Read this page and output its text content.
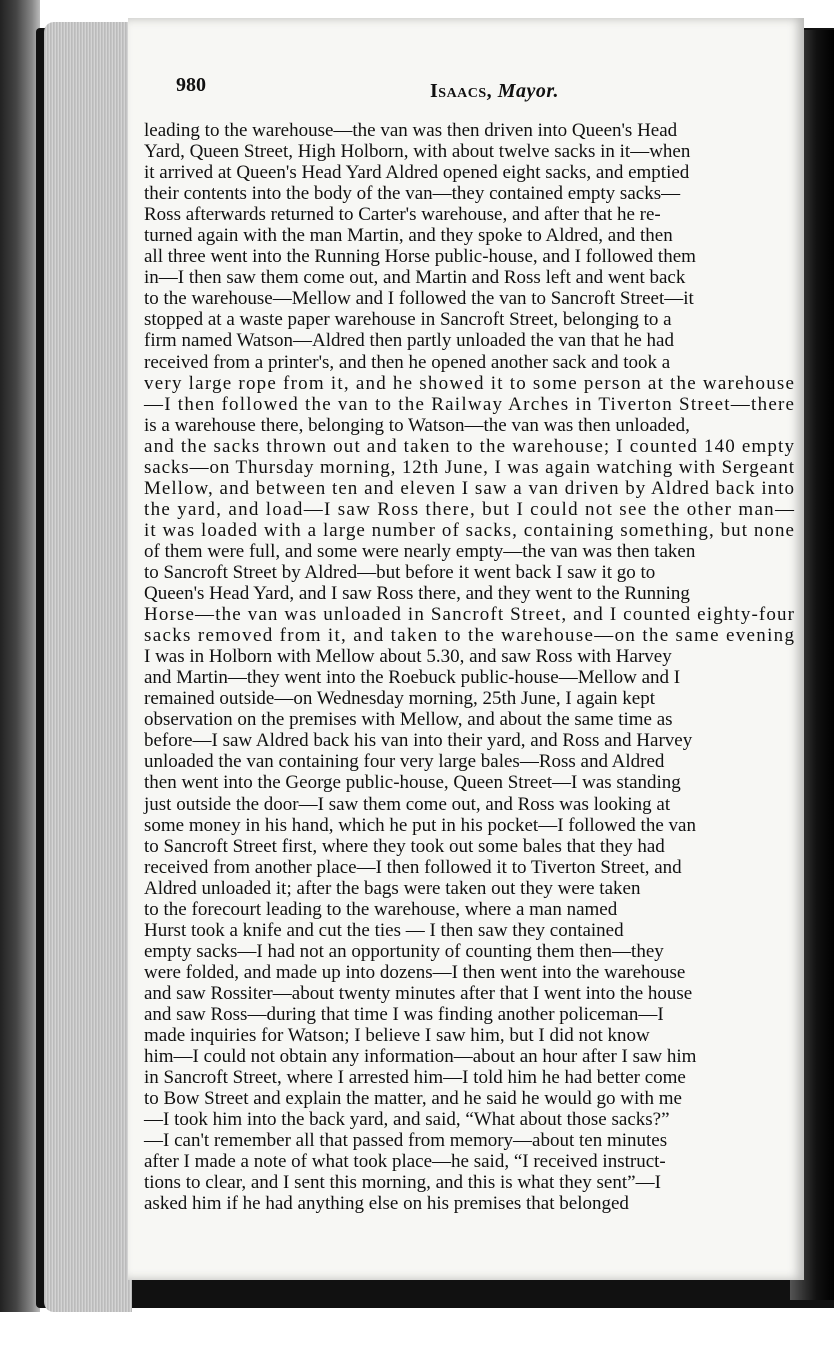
980	Isaacs, Mayor.
leading to the warehouse—the van was then driven into Queen's Head
Yard, Queen Street, High Holborn, with about twelve sacks in it—when
it arrived at Queen's Head Yard Aldred opened eight sacks, and emptied
their contents into the body of the van—they contained empty sacks—
Ross afterwards returned to Carter's warehouse, and after that he re-
turned again with the man Martin, and they spoke to Aldred, and then
all three went into the Running Horse public-house, and I followed them
in—I then saw them come out, and Martin and Ross left and went back
to the warehouse—Mellow and I followed the van to Sancroft Street—it
stopped at a waste paper warehouse in Sancroft Street, belonging to a
firm named Watson—Aldred then partly unloaded the van that he had
received from a printer's, and then he opened another sack and took a
very large rope from it, and he showed it to some person at the warehouse
—I then followed the van to the Railway Arches in Tiverton Street—there
is a warehouse there, belonging to Watson—the van was then unloaded,
and the sacks thrown out and taken to the warehouse; I counted 140 empty
sacks—on Thursday morning, 12th June, I was again watching with Sergeant
Mellow, and between ten and eleven I saw a van driven by Aldred back into
the yard, and load—I saw Ross there, but I could not see the other man—
it was loaded with a large number of sacks, containing something, but none
of them were full, and some were nearly empty—the van was then taken
to Sancroft Street by Aldred—but before it went back I saw it go to
Queen's Head Yard, and I saw Ross there, and they went to the Running
Horse—the van was unloaded in Sancroft Street, and I counted eighty-four
sacks removed from it, and taken to the warehouse—on the same evening
I was in Holborn with Mellow about 5.30, and saw Ross with Harvey
and Martin—they went into the Roebuck public-house—Mellow and I
remained outside—on Wednesday morning, 25th June, I again kept
observation on the premises with Mellow, and about the same time as
before—I saw Aldred back his van into their yard, and Ross and Harvey
unloaded the van containing four very large bales—Ross and Aldred
then went into the George public-house, Queen Street—I was standing
just outside the door—I saw them come out, and Ross was looking at
some money in his hand, which he put in his pocket—I followed the van
to Sancroft Street first, where they took out some bales that they had
received from another place—I then followed it to Tiverton Street, and
Aldred unloaded it; after the bags were taken out they were taken
to the forecourt leading to the warehouse, where a man named
Hurst took a knife and cut the ties — I then saw they contained
empty sacks—I had not an opportunity of counting them then—they
were folded, and made up into dozens—I then went into the warehouse
and saw Rossiter—about twenty minutes after that I went into the house
and saw Ross—during that time I was finding another policeman—I
made inquiries for Watson; I believe I saw him, but I did not know
him—I could not obtain any information—about an hour after I saw him
in Sancroft Street, where I arrested him—I told him he had better come
to Bow Street and explain the matter, and he said he would go with me
—I took him into the back yard, and said, “What about those sacks?”
—I can't remember all that passed from memory—about ten minutes
after I made a note of what took place—he said, “I received instruct-
tions to clear, and I sent this morning, and this is what they sent”—I
asked him if he had anything else on his premises that belonged
